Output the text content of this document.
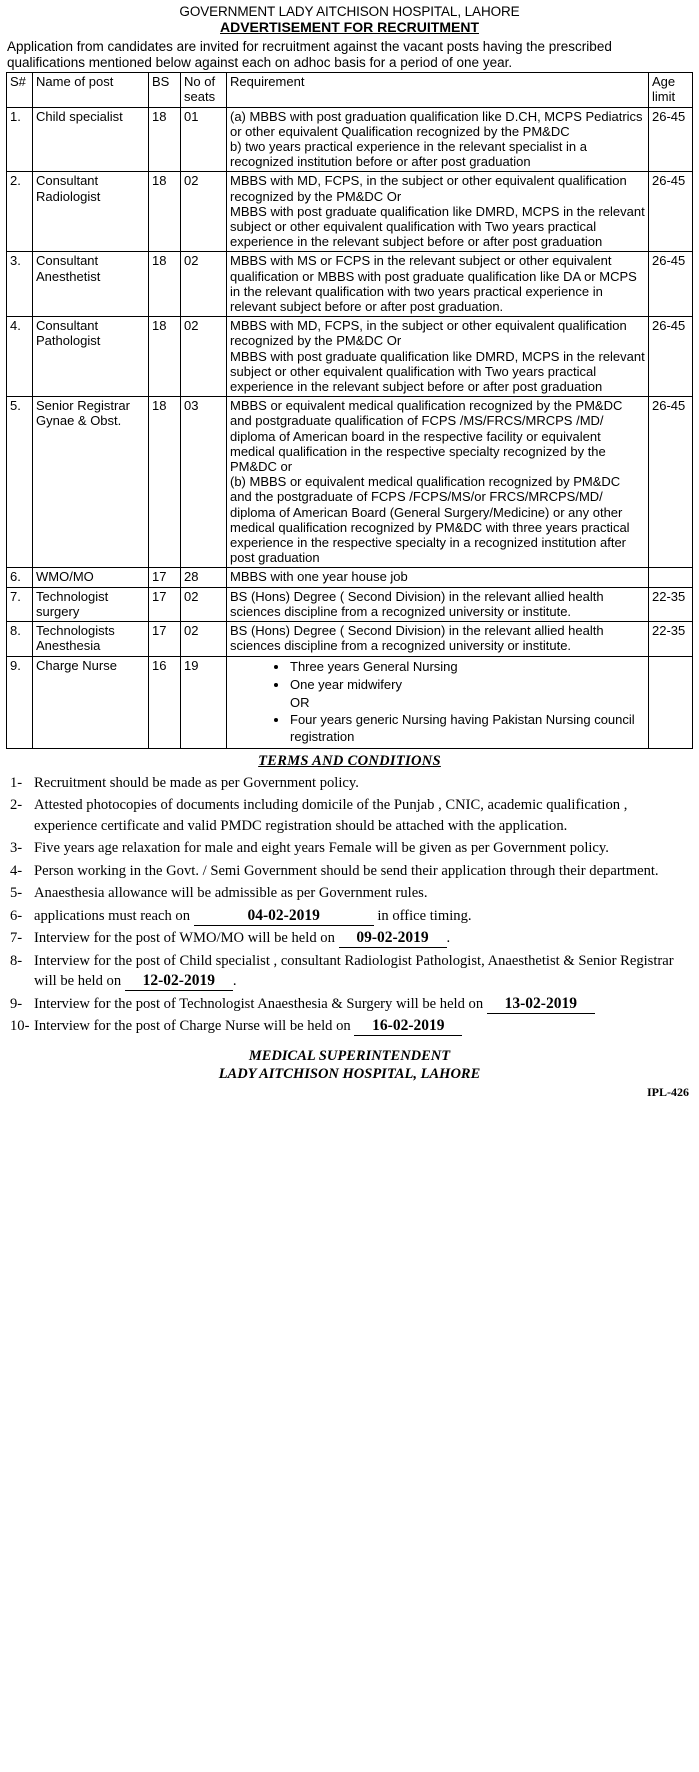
GOVERNMENT LADY AITCHISON HOSPITAL, LAHORE
ADVERTISEMENT FOR RECRUITMENT
Application from candidates are invited for recruitment against the vacant posts having the prescribed qualifications mentioned below against each on adhoc basis for a period of one year.
S#	Name of post	BS	No of seats	Requirement	Age limit
1.	Child specialist	18	01	(a) MBBS with post graduation qualification like D.CH, MCPS Pediatrics or other equivalent Qualification recognized by the PM&DC
b) two years practical experience in the relevant specialist in a recognized institution before or after post graduation	26-45
2.	Consultant Radiologist	18	02	MBBS with MD, FCPS, in the subject or other equivalent qualification recognized by the PM&DC Or
MBBS with post graduate qualification like DMRD, MCPS in the relevant subject or other equivalent qualification with Two years practical experience in the relevant subject before or after post graduation	26-45
3.	Consultant Anesthetist	18	02	MBBS with MS or FCPS in the relevant subject or other equivalent qualification or MBBS with post graduate qualification like DA or MCPS in the relevant qualification with two years practical experience in relevant subject before or after post graduation.	26-45
4.	Consultant Pathologist	18	02	MBBS with MD, FCPS, in the subject or other equivalent qualification recognized by the PM&DC Or
MBBS with post graduate qualification like DMRD, MCPS in the relevant subject or other equivalent qualification with Two years practical experience in the relevant subject before or after post graduation	26-45
5.	Senior Registrar Gynae & Obst.	18	03	MBBS or equivalent medical qualification recognized by the PM&DC and postgraduate qualification of FCPS /MS/FRCS/MRCPS /MD/ diploma of American board in the respective facility or equivalent medical qualification in the respective specialty recognized by the PM&DC or
(b) MBBS or equivalent medical qualification recognized by PM&DC and the postgraduate of FCPS /FCPS/MS/or FRCS/MRCPS/MD/ diploma of American Board (General Surgery/Medicine) or any other medical qualification recognized by PM&DC with three years practical experience in the respective specialty in a recognized institution after post graduation	26-45
6.	WMO/MO	17	28	MBBS with one year house job	
7.	Technologist surgery	17	02	BS (Hons) Degree ( Second Division) in the relevant allied health sciences discipline from a recognized university or institute.	22-35
8.	Technologists Anesthesia	17	02	BS (Hons) Degree ( Second Division) in the relevant allied health sciences discipline from a recognized university or institute.	22-35
9.	Charge Nurse	16	19	Three years General Nursing
One year midwifery
OR
Four years generic Nursing having Pakistan Nursing council registration

TERMS AND CONDITIONS
1- Recruitment should be made as per Government policy.
2- Attested photocopies of documents including domicile of the Punjab , CNIC, academic qualification , experience certificate and valid PMDC registration should be attached with the application.
3- Five years age relaxation for male and eight years Female will be given as per Government policy.
4- Person working in the Govt. / Semi Government should be send their application through their department.
5- Anaesthesia allowance will be admissible as per Government rules.
6- applications must reach on	04-02-2019	in office timing.
7- Interview for the post of WMO/MO will be held on 09-02-2019 .
8- Interview for the post of Child specialist , consultant Radiologist Pathologist, Anaesthetist & Senior Registrar will be held on 12-02-2019 .
9- Interview for the post of Technologist Anaesthesia & Surgery will be held on 13-02-2019
10- Interview for the post of Charge Nurse will be held on 16-02-2019
MEDICAL SUPERINTENDENT
LADY AITCHISON HOSPITAL, LAHORE
IPL-426
